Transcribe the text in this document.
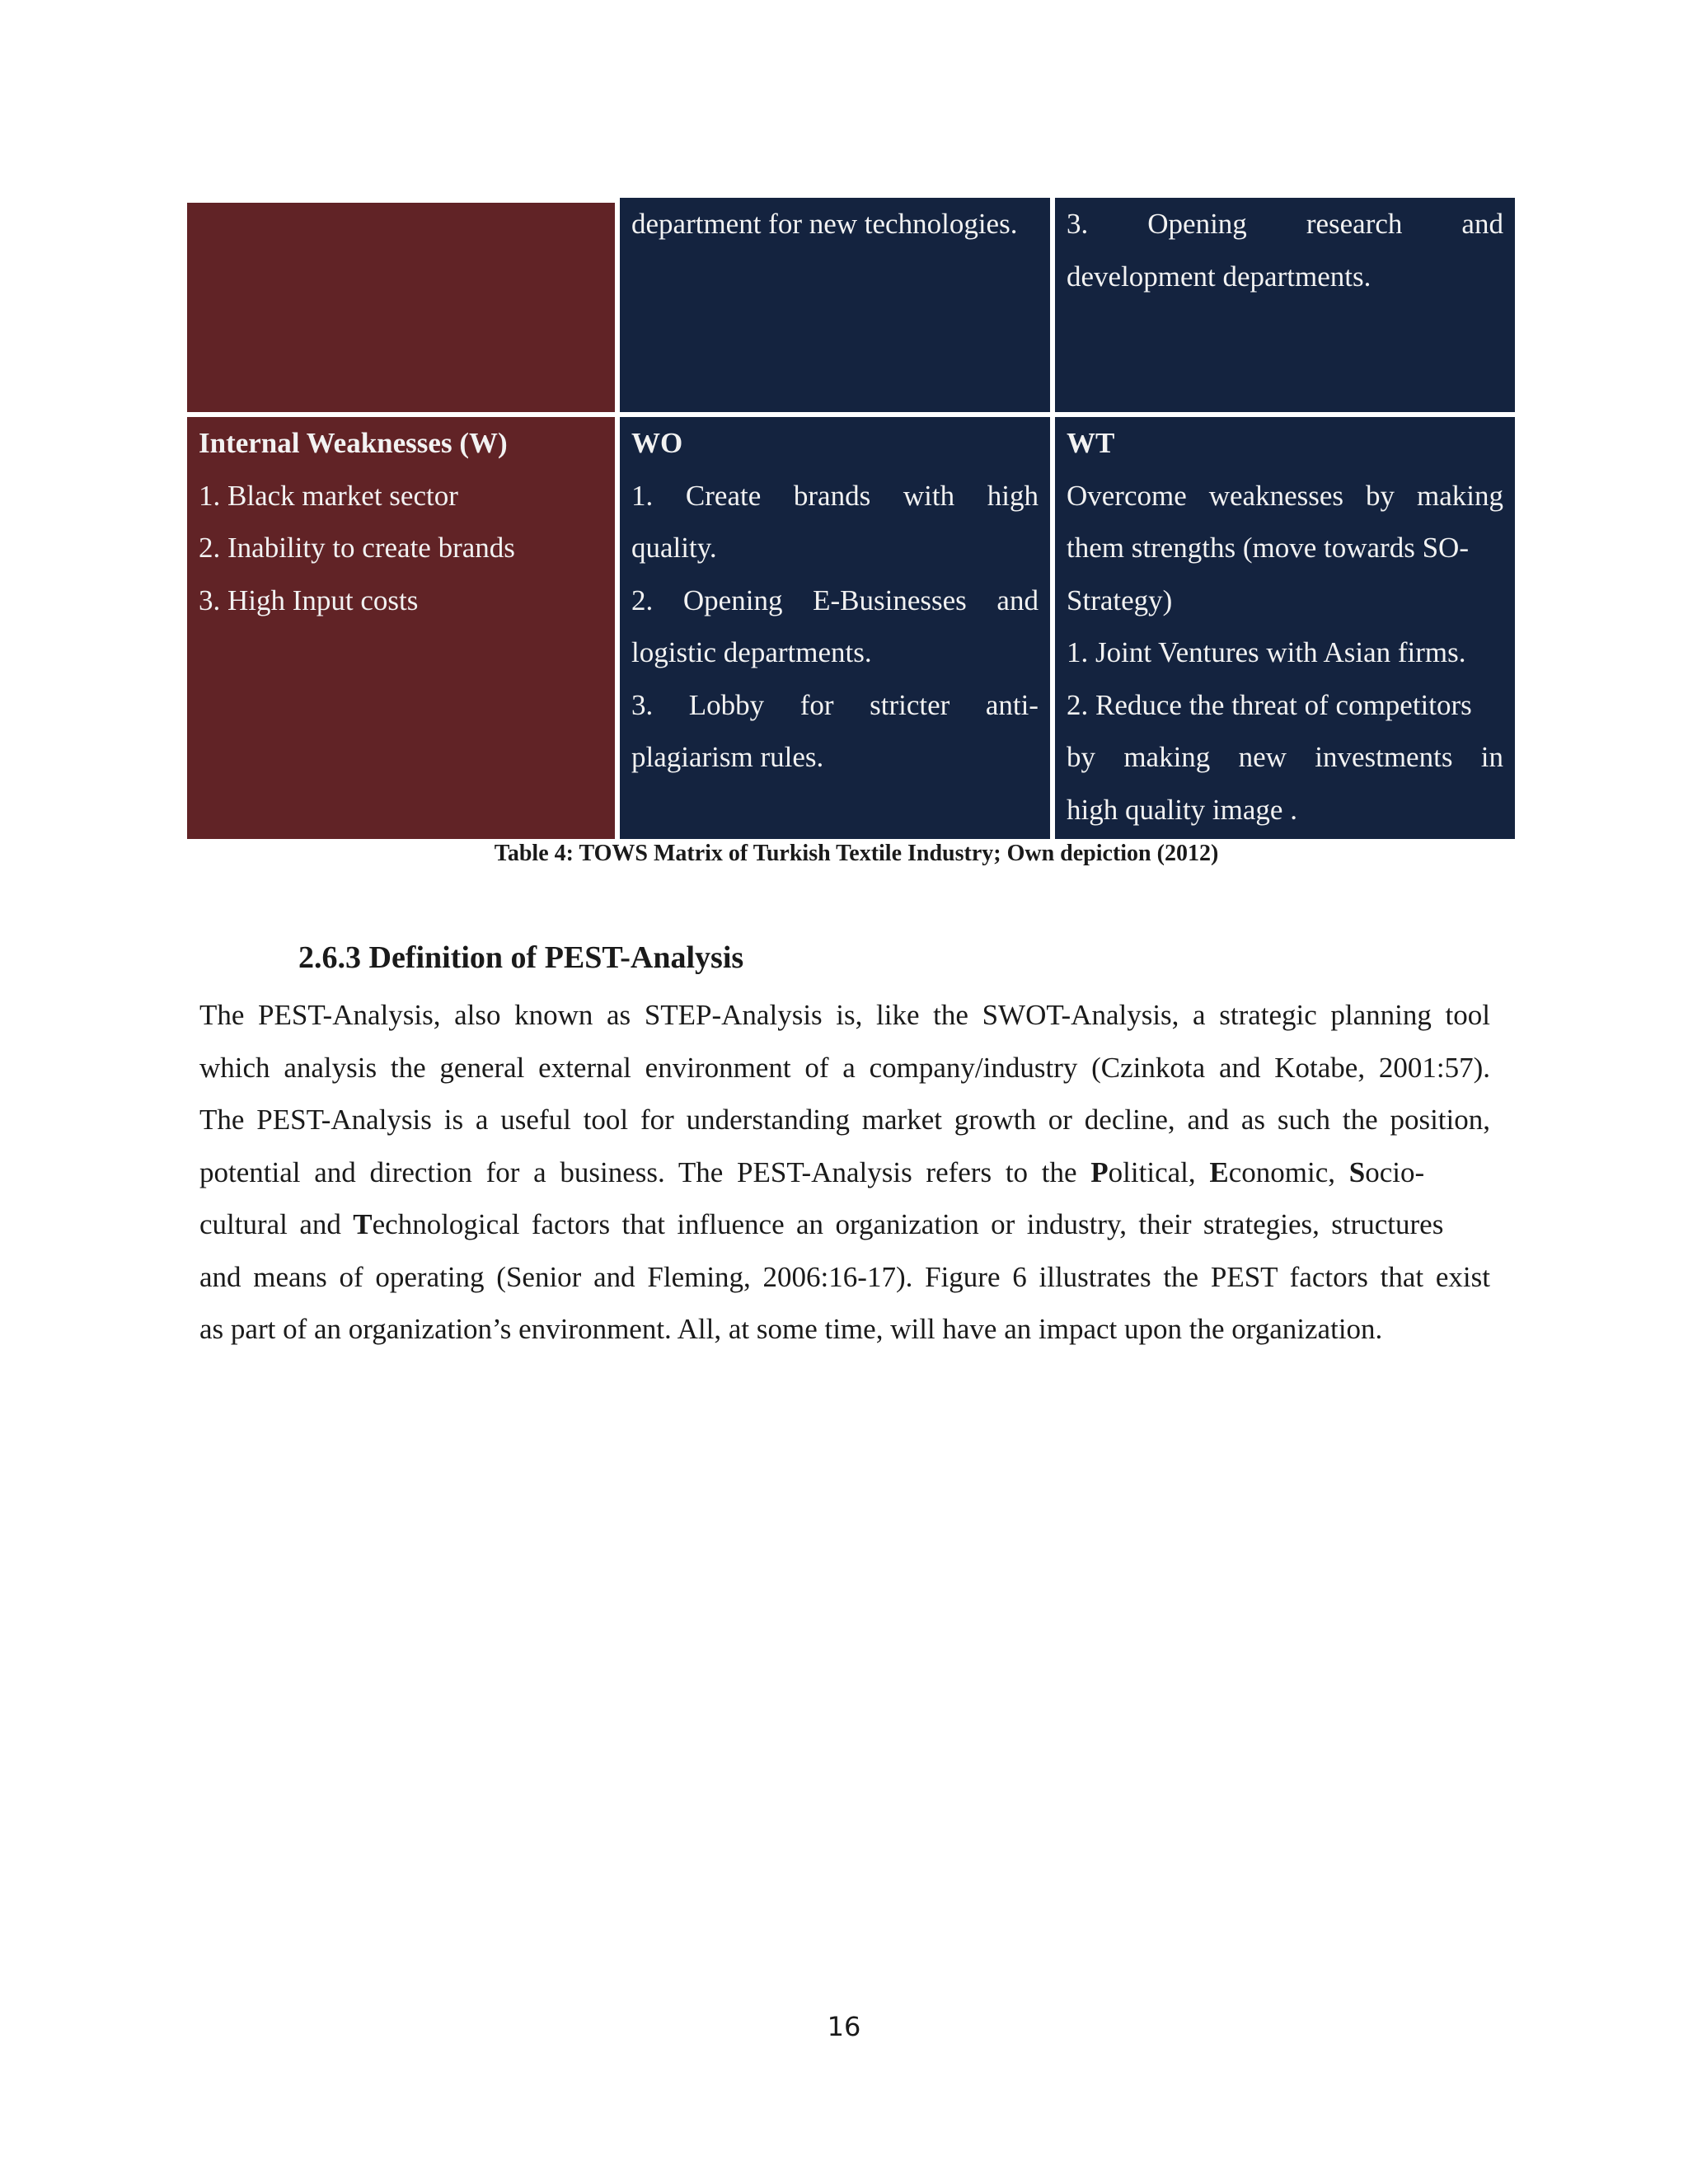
department for new technologies.	3. Opening research and
development departments.
Internal Weaknesses (W)
1. Black market sector
2. Inability to create brands
3. High Input costs
WO
1. Create brands with high
quality.
2. Opening E-Businesses and
logistic departments.
3. Lobby for stricter anti-
plagiarism rules.
WT
Overcome weaknesses by making
them strengths (move towards SO-
Strategy)
1. Joint Ventures with Asian firms.
2. Reduce the threat of competitors
by making new investments in
high quality image .
Table 4: TOWS Matrix of Turkish Textile Industry; Own depiction (2012)
2.6.3 Definition of PEST-Analysis
The PEST-Analysis, also known as STEP-Analysis is, like the SWOT-Analysis, a strategic planning tool
which analysis the general external environment of a company/industry (Czinkota and Kotabe, 2001:57).
The PEST-Analysis is a useful tool for understanding market growth or decline, and as such the position,
potential and direction for a business. The PEST-Analysis refers to the Political, Economic, Socio-
cultural and Technological factors that influence an organization or industry, their strategies, structures
and means of operating (Senior and Fleming, 2006:16-17). Figure 6 illustrates the PEST factors that exist
as part of an organization’s environment. All, at some time, will have an impact upon the organization.
16
